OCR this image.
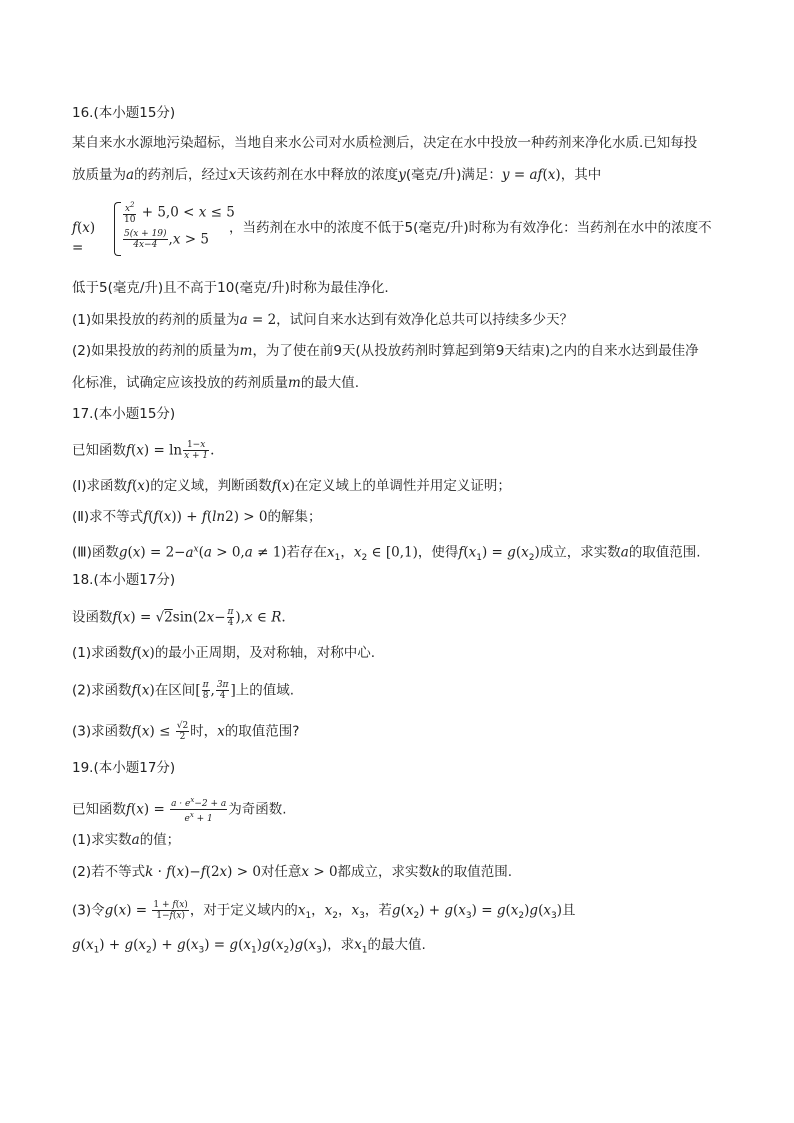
16.(本小题15分)
某自来水水源地污染超标，当地自来水公司对水质检测后，决定在水中投放一种药剂来净化水质.已知每投
放质量为a的药剂后，经过x天该药剂在水中释放的浓度y(毫克/升)满足：y = af(x)，其中
f(x) =
$\frac{x^2}{10} + 5,0 < x \le 5$
$\frac{5(x + 19)}{4x-4} ,x > 5$
，当药剂在水中的浓度不低于5(毫克/升)时称为有效净化：当药剂在水中的浓度不
低于5(毫克/升)且不高于10(毫克/升)时称为最佳净化.
(1)如果投放的药剂的质量为a = 2，试问自来水达到有效净化总共可以持续多少天？
(2)如果投放的药剂的质量为m，为了使在前9天(从投放药剂时算起到第9天结束)之内的自来水达到最佳净
化标准，试确定应该投放的药剂质量m的最大值.
17.(本小题15分)
已知函数$f(x) = \ln \frac{1-x}{x + 1}$ .
(Ⅰ)求函数f(x)的定义域，判断函数f(x)在定义域上的单调性并用定义证明；
(Ⅱ)求不等式f(f(x)) + f(ln2) > 0的解集；
(Ⅲ)函数$g(x) = 2-a^x(a > 0,a \ne 1)$若存在$x_1$，$x_2$ ∈ [0,1)，使得$f(x_1) = g(x_2)$成立，求实数a的取值范围.
18.(本小题17分)
设函数$f(x) = √2\sin(2x- \frac{\pi}{4} ),x$ ∈ R.
(1)求函数f(x)的最小正周期，及对称轴，对称中心.
(2)求函数f(x)在区间[ $\frac{\pi}{8}$ , $\frac{3\pi}{4}$ ]上的值域.
(3)求函数$f(x) \le \frac{√2}{2}$ 时，x的取值范围?
19.(本小题17分)
已知函数$f(x) = \frac{a \cdot e^x-2 + a}{e^x + 1}$ 为奇函数.
(1)求实数a的值；
(2)若不等式k · f(x)−f(2x) > 0对任意x > 0都成立，求实数k的取值范围.
(3)令$g(x) = \frac{1 + f(x)}{1-f(x)}$ ，对于定义域内的$x_1$，$x_2$，$x_3$，若$g(x_2) + g(x_3) = g(x_2)g(x_3)$且
$g(x_1) + g(x_2) + g(x_3) = g(x_1)g(x_2)g(x_3)$，求$x_1$的最大值.
